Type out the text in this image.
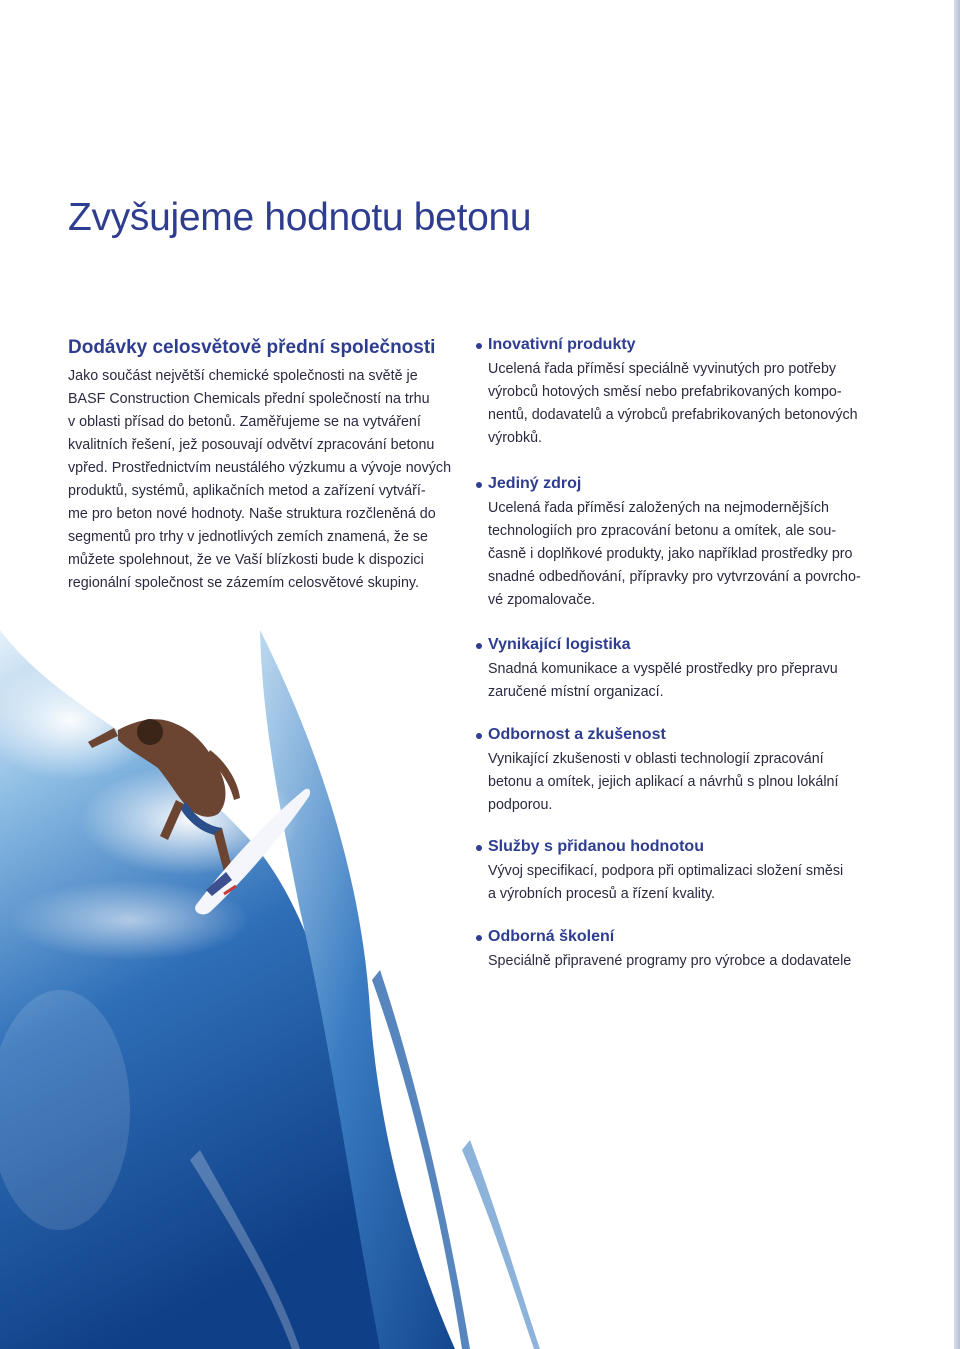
Zvyšujeme hodnotu betonu
Dodávky celosvětově přední společnosti

Jako součást největší chemické společnosti na světě je
BASF Construction Chemicals přední společností na trhu
v oblasti přísad do betonů. Zaměřujeme se na vytváření
kvalitních řešení, jež posouvají odvětví zpracování betonu
vpřed. Prostřednictvím neustálého výzkumu a vývoje nových
produktů, systémů, aplikačních metod a zařízení vytváří-
me pro beton nové hodnoty. Naše struktura rozčleněná do
segmentů pro trhy v jednotlivých zemích znamená, že se
můžete spolehnout, že ve Vaší blízkosti bude k dispozici
regionální společnost se zázemím celosvětové skupiny.

Inovativní produkty

Ucelená řada příměsí speciálně vyvinutých pro potřeby
výrobců hotových směsí nebo prefabrikovaných kompo-
nentů, dodavatelů a výrobců prefabrikovaných betonových
výrobků.

Jediný zdroj

Ucelená řada příměsí založených na nejmodernějších
technologiích pro zpracování betonu a omítek, ale sou-
časně i doplňkové produkty, jako například prostředky pro
snadné odbedňování, přípravky pro vytvrzování a povrcho-
vé zpomalovače.

Vynikající logistika

Snadná komunikace a vyspělé prostředky pro přepravu
zaručené místní organizací.

Odbornost a zkušenost

Vynikající zkušenosti v oblasti technologií zpracování
betonu a omítek, jejich aplikací a návrhů s plnou lokální
podporou.

Služby s přidanou hodnotou

Vývoj specifikací, podpora při optimalizaci složení směsi
a výrobních procesů a řízení kvality.

Odborná školení

Speciálně připravené programy pro výrobce a dodavatele
